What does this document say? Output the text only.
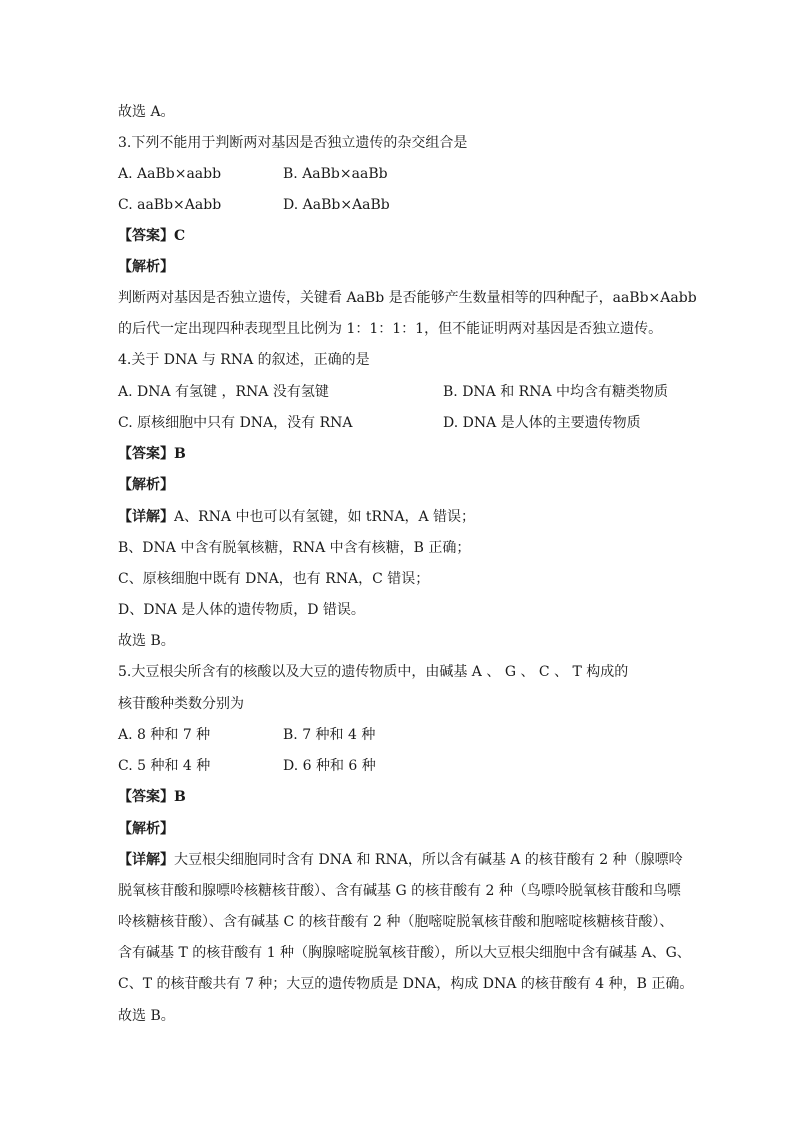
故选 A。
3.下列不能用于判断两对基因是否独立遗传的杂交组合是
A. AaBb×aabb	B. AaBb×aaBb
C. aaBb×Aabb	D. AaBb×AaBb
【答案】C
【解析】
判断两对基因是否独立遗传，关键看 AaBb 是否能够产生数量相等的四种配子，aaBb×Aabb
的后代一定出现四种表现型且比例为 1：1：1：1，但不能证明两对基因是否独立遗传。
4.关于 DNA 与 RNA 的叙述，正确的是
A. DNA 有氢键 ，RNA 没有氢键	B. DNA 和 RNA 中均含有糖类物质
C. 原核细胞中只有 DNA，没有 RNA	D. DNA 是人体的主要遗传物质
【答案】B
【解析】
【详解】A、RNA 中也可以有氢键，如 tRNA，A 错误；
B、DNA 中含有脱氧核糖，RNA 中含有核糖，B 正确；
C、原核细胞中既有 DNA，也有 RNA，C 错误；
D、DNA 是人体的遗传物质，D 错误。
故选 B。
5.大豆根尖所含有的核酸以及大豆的遗传物质中，由碱基 A 、 G 、 C 、 T 构成的
核苷酸种类数分别为
A. 8 种和 7 种	B. 7 种和 4 种
C. 5 种和 4 种	D. 6 种和 6 种
【答案】B
【解析】
【详解】大豆根尖细胞同时含有 DNA 和 RNA，所以含有碱基 A 的核苷酸有 2 种（腺嘌呤
脱氧核苷酸和腺嘌呤核糖核苷酸）、含有碱基 G 的核苷酸有 2 种（鸟嘌呤脱氧核苷酸和鸟嘌
呤核糖核苷酸）、含有碱基 C 的核苷酸有 2 种（胞嘧啶脱氧核苷酸和胞嘧啶核糖核苷酸）、
含有碱基 T 的核苷酸有 1 种（胸腺嘧啶脱氧核苷酸），所以大豆根尖细胞中含有碱基 A、G、
C、T 的核苷酸共有 7 种；大豆的遗传物质是 DNA，构成 DNA 的核苷酸有 4 种，B 正确。
故选 B。
